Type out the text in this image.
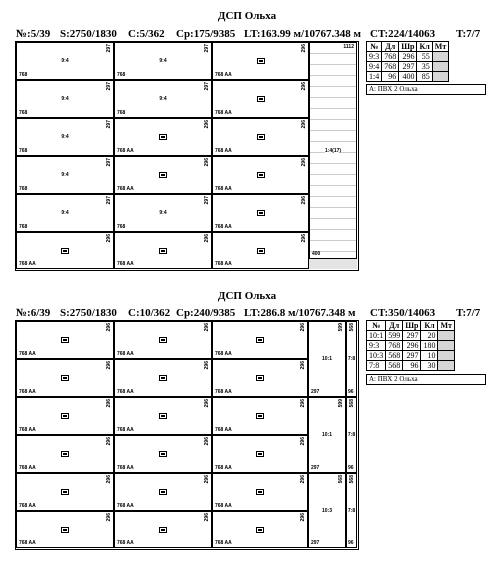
ДСП Ольха
№:5/39 S:2750/1830 C:5/362 Cp:175/9385 LT:163.99 м/10767.348 м CT:224/14063 T:7/7
9:4
297
768
9:4
297
768
9:4
297
768
9:4
297
768
9:4
297
768
296
768 AA
9:4
297
768
9:4
297
768
296
768 AA
296
768 AA
9:4
297
768
296
768 AA
296
768 AA
296
768 AA
296
768 AA
296
768 AA
296
768 AA
296
768 AA
1112
1:4(17)
400
№	Дл	Шр	Кл	Мт
9:3	768	296	55	
9:4	768	297	35	
1:4	96	400	85	
А: ПВХ 2 Ольха
ДСП Ольха
№:6/39 S:2750/1830 C:10/362 Cp:240/9385 LT:286.8 м/10767.348 м CT:350/14063 T:7/7
296
768 AA
296
768 AA
296
768 AA
296
768 AA
296
768 AA
296
768 AA
296
768 AA
296
768 AA
296
768 AA
296
768 AA
296
768 AA
296
768 AA
296
768 AA
296
768 AA
296
768 AA
296
768 AA
296
768 AA
296
768 AA
10:1
599
297
7:8
568
96
10:1
599
297
7:8
568
96
10:3
568
297
7:8
568
96
№	Дл	Шр	Кл	Мт
10:1	599	297	20	
9:3	768	296	180	
10:3	568	297	10	
7:8	568	96	30	
А: ПВХ 2 Ольха
